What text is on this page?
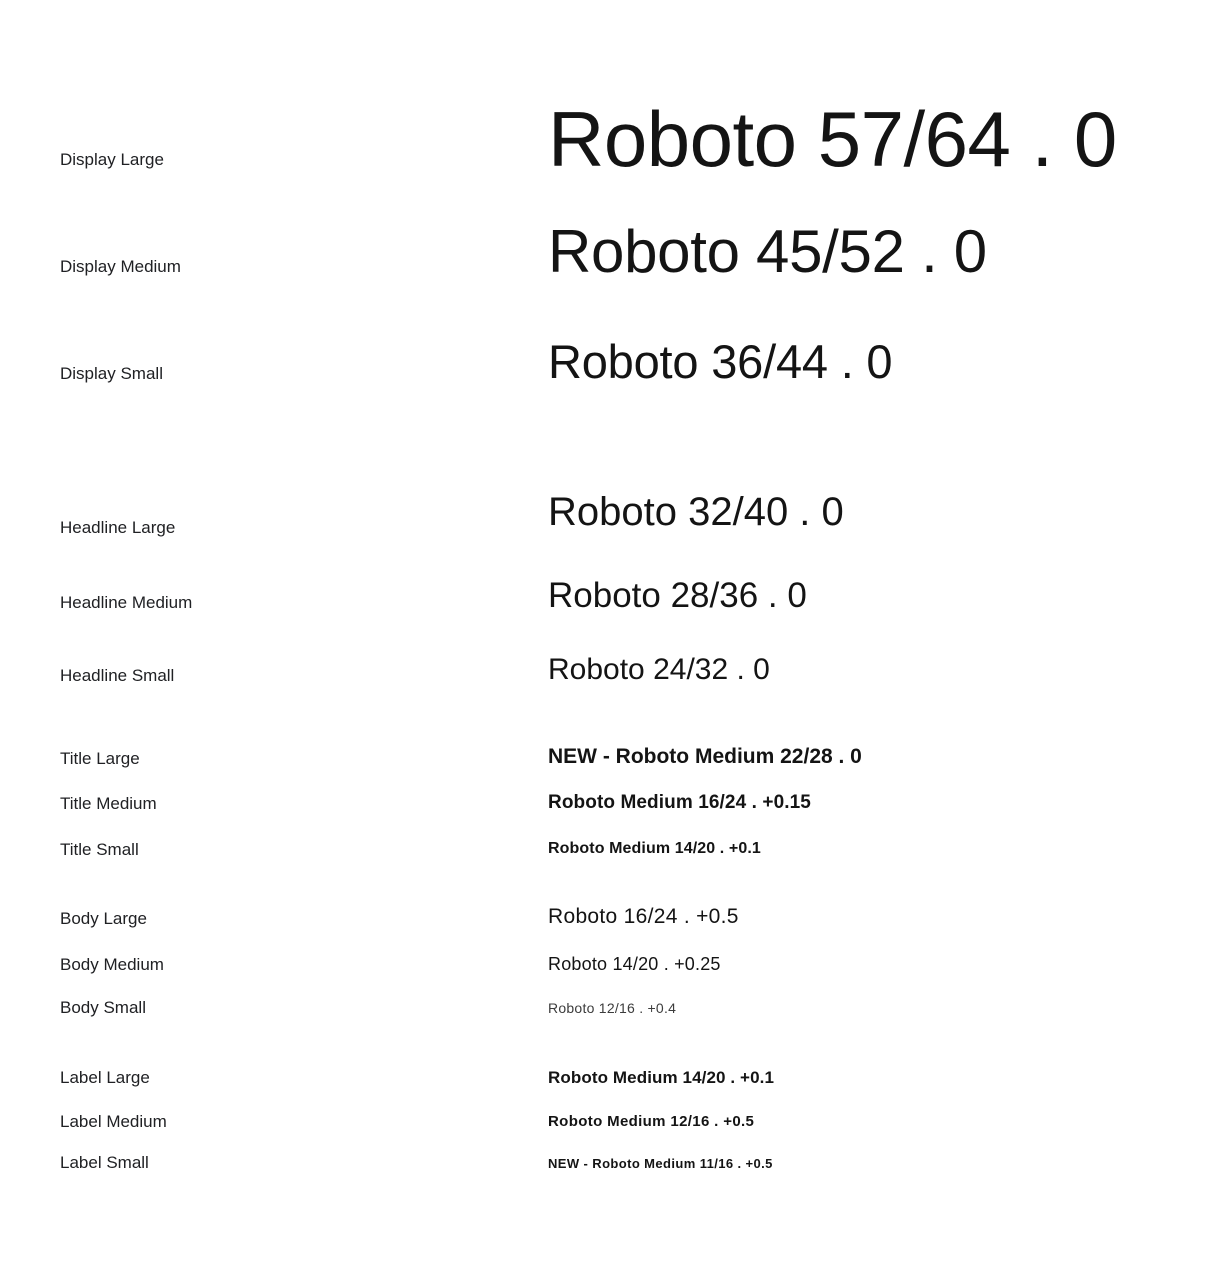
Display Large	Roboto 57/64 . 0
Display Medium	Roboto 45/52 . 0
Display Small	Roboto 36/44 . 0
Headline Large	Roboto 32/40 . 0
Headline Medium	Roboto 28/36 . 0
Headline Small	Roboto 24/32 . 0
Title Large	NEW - Roboto Medium 22/28 . 0
Title Medium	Roboto Medium 16/24 . +0.15
Title Small	Roboto Medium 14/20 . +0.1
Body Large	Roboto 16/24 . +0.5
Body Medium	Roboto 14/20 . +0.25
Body Small	Roboto 12/16 . +0.4
Label Large	Roboto Medium 14/20 . +0.1
Label Medium	Roboto Medium 12/16 . +0.5
Label Small	NEW - Roboto Medium 11/16 . +0.5
